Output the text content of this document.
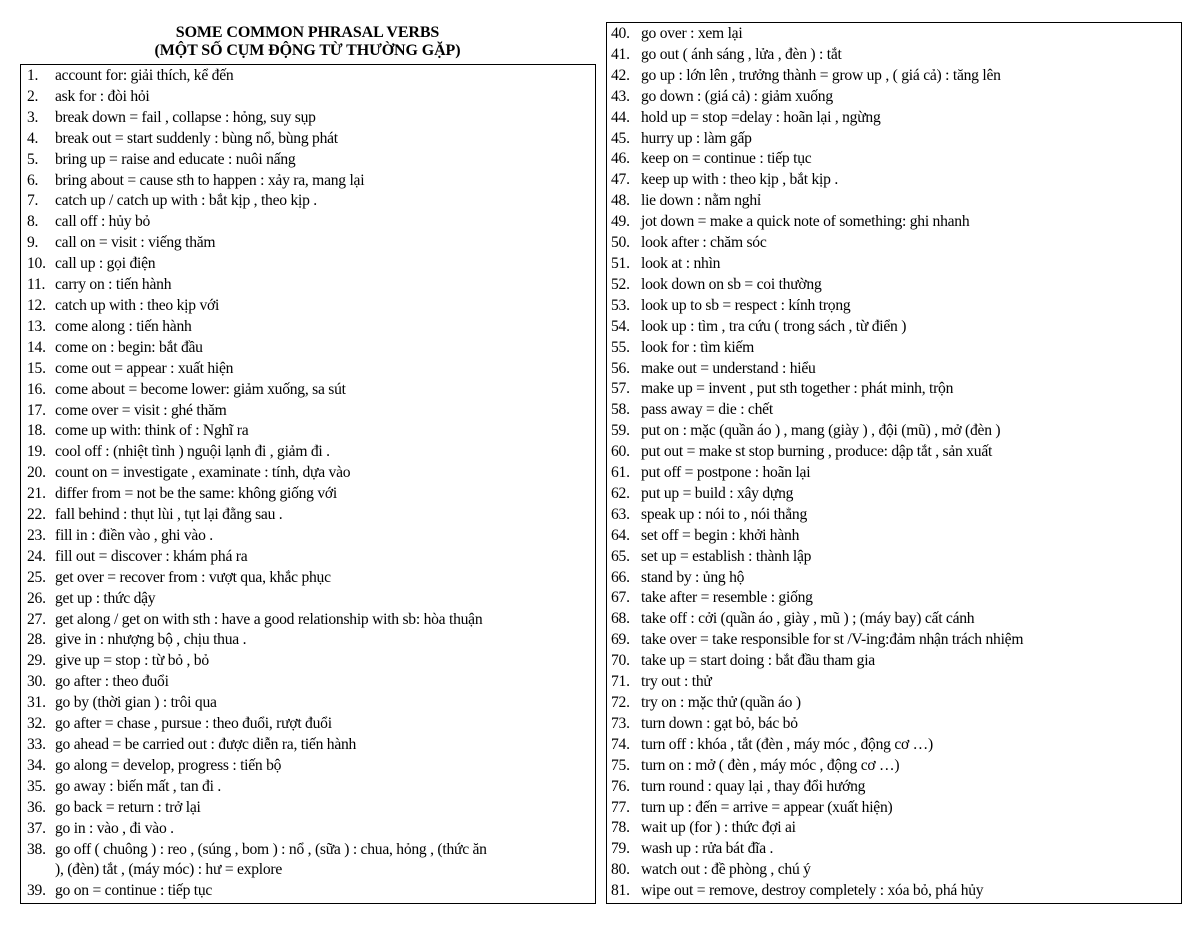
SOME COMMON PHRASAL VERBS
(MỘT SỐ CỤM ĐỘNG TỪ THƯỜNG GẶP)
1.	account for: giải thích, kể đến
2.	ask for : đòi hỏi
3.	break down = fail , collapse : hỏng, suy sụp
4.	break out = start suddenly : bùng nổ, bùng phát
5.	bring up = raise and educate : nuôi nấng
6.	bring about = cause sth to happen : xảy ra, mang lại
7.	catch up / catch up with : bắt kịp , theo kịp .
8.	call off : hủy bỏ
9.	call on = visit : viếng thăm
10. call up : gọi điện
11. carry on : tiến hành
12. catch up with : theo kịp với
13. come along : tiến hành
14. come on : begin: bắt đầu
15. come out = appear : xuất hiện
16. come about = become lower: giảm xuống, sa sút
17. come over = visit : ghé thăm
18. come up with: think of : Nghĩ ra
19. cool off : (nhiệt tình ) nguội lạnh đi , giảm đi .
20. count on = investigate , examinate : tính, dựa vào
21. differ from = not be the same: không giống với
22. fall behind : thụt lùi , tụt lại đằng sau .
23. fill in : điền vào , ghi vào .
24. fill out = discover : khám phá ra
25. get over = recover from : vượt qua, khắc phục
26. get up : thức dậy
27. get along / get on with sth : have a good relationship with sb: hòa thuận
28. give in : nhượng bộ , chịu thua .
29. give up = stop : từ bỏ , bỏ
30. go after : theo đuổi
31. go by (thời gian ) : trôi qua
32. go after = chase , pursue : theo đuổi, rượt đuổi
33. go ahead = be carried out : được diễn ra, tiến hành
34. go along = develop, progress : tiến bộ
35. go away : biến mất , tan đi .
36. go back = return : trở lại
37. go in : vào , đi vào .
38. go off ( chuông ) : reo , (súng , bom ) : nổ , (sữa ) : chua, hỏng , (thức ăn
), (đèn) tắt , (máy móc) : hư = explore
39. go on = continue : tiếp tục
40. go over : xem lại
41. go out ( ánh sáng , lửa , đèn ) : tắt
42. go up : lớn lên , trưởng thành = grow up , ( giá cả) : tăng lên
43. go down : (giá cả) : giảm xuống
44. hold up = stop =delay : hoãn lại , ngừng
45. hurry up : làm gấp
46. keep on = continue : tiếp tục
47. keep up with : theo kịp , bắt kịp .
48. lie down : nằm nghỉ
49. jot down = make a quick note of something: ghi nhanh
50. look after : chăm sóc
51. look at : nhìn
52. look down on sb = coi thường
53. look up to sb = respect : kính trọng
54. look up : tìm , tra cứu ( trong sách , từ điển )
55. look for : tìm kiếm
56. make out = understand : hiểu
57. make up = invent , put sth together : phát minh, trộn
58. pass away = die : chết
59. put on : mặc (quần áo ) , mang (giày ) , đội (mũ) , mở (đèn )
60. put out = make st stop burning , produce: dập tắt , sản xuất
61. put off = postpone : hoãn lại
62. put up = build : xây dựng
63. speak up : nói to , nói thẳng
64. set off = begin : khởi hành
65. set up = establish : thành lập
66. stand by : ủng hộ
67. take after = resemble : giống
68. take off : cởi (quần áo , giày , mũ ) ; (máy bay) cất cánh
69. take over = take responsible for st /V-ing:đảm nhận trách nhiệm
70. take up = start doing : bắt đầu tham gia
71. try out : thử
72. try on : mặc thử (quần áo )
73. turn down : gạt bỏ, bác bỏ
74. turn off : khóa , tắt (đèn , máy móc , động cơ …)
75. turn on : mở ( đèn , máy móc , động cơ …)
76. turn round : quay lại , thay đổi hướng
77. turn up : đến = arrive = appear (xuất hiện)
78. wait up (for ) : thức đợi ai
79. wash up : rửa bát đĩa .
80. watch out : đề phòng , chú ý
81. wipe out = remove, destroy completely : xóa bỏ, phá hủy
